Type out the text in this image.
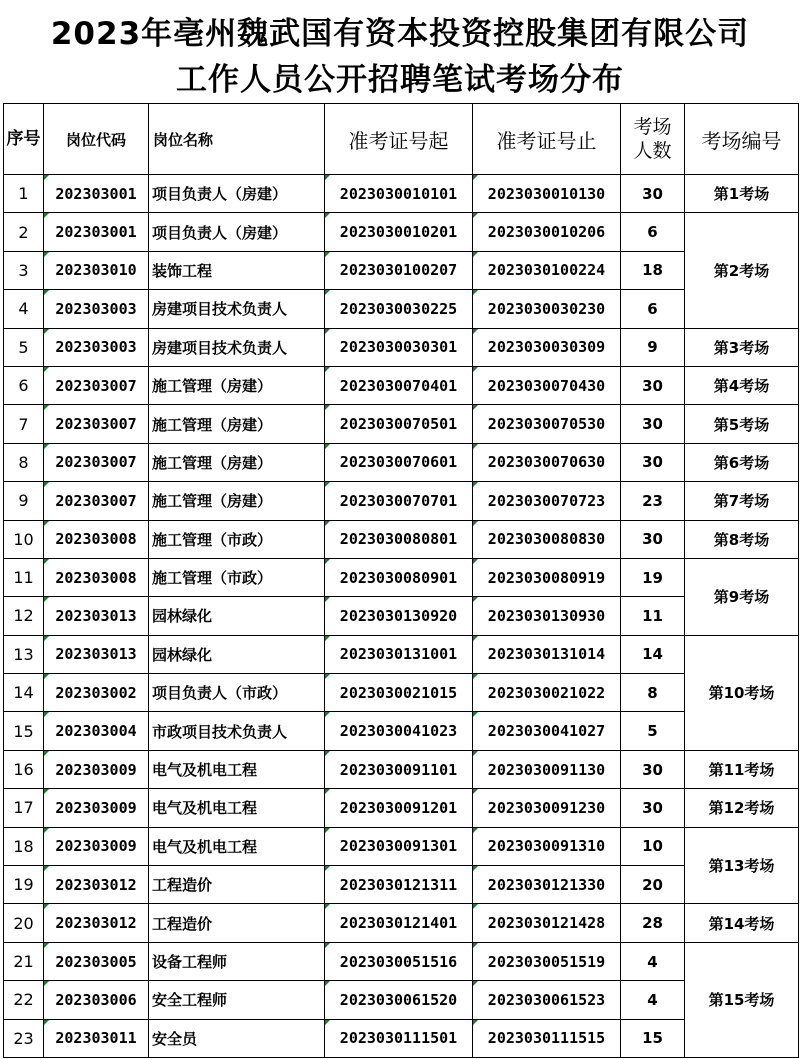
2023年亳州魏武国有资本投资控股集团有限公司
工作人员公开招聘笔试考场分布
序号	岗位代码	岗位名称	准考证号起	准考证号止	考场人数	考场编号
1	202303001	项目负责人（房建）	2023030010101	2023030010130	30	第1考场
2	202303001	项目负责人（房建）	2023030010201	2023030010206	6	第2考场
3	202303010	装饰工程	2023030100207	2023030100224	18	
4	202303003	房建项目技术负责人	2023030030225	2023030030230	6	
5	202303003	房建项目技术负责人	2023030030301	2023030030309	9	第3考场
6	202303007	施工管理（房建）	2023030070401	2023030070430	30	第4考场
7	202303007	施工管理（房建）	2023030070501	2023030070530	30	第5考场
8	202303007	施工管理（房建）	2023030070601	2023030070630	30	第6考场
9	202303007	施工管理（房建）	2023030070701	2023030070723	23	第7考场
10	202303008	施工管理（市政）	2023030080801	2023030080830	30	第8考场
11	202303008	施工管理（市政）	2023030080901	2023030080919	19	第9考场
12	202303013	园林绿化	2023030130920	2023030130930	11	
13	202303013	园林绿化	2023030131001	2023030131014	14	第10考场
14	202303002	项目负责人（市政）	2023030021015	2023030021022	8	
15	202303004	市政项目技术负责人	2023030041023	2023030041027	5	
16	202303009	电气及机电工程	2023030091101	2023030091130	30	第11考场
17	202303009	电气及机电工程	2023030091201	2023030091230	30	第12考场
18	202303009	电气及机电工程	2023030091301	2023030091310	10	第13考场
19	202303012	工程造价	2023030121311	2023030121330	20	
20	202303012	工程造价	2023030121401	2023030121428	28	第14考场
21	202303005	设备工程师	2023030051516	2023030051519	4	第15考场
22	202303006	安全工程师	2023030061520	2023030061523	4	
23	202303011	安全员	2023030111501	2023030111515	15	
